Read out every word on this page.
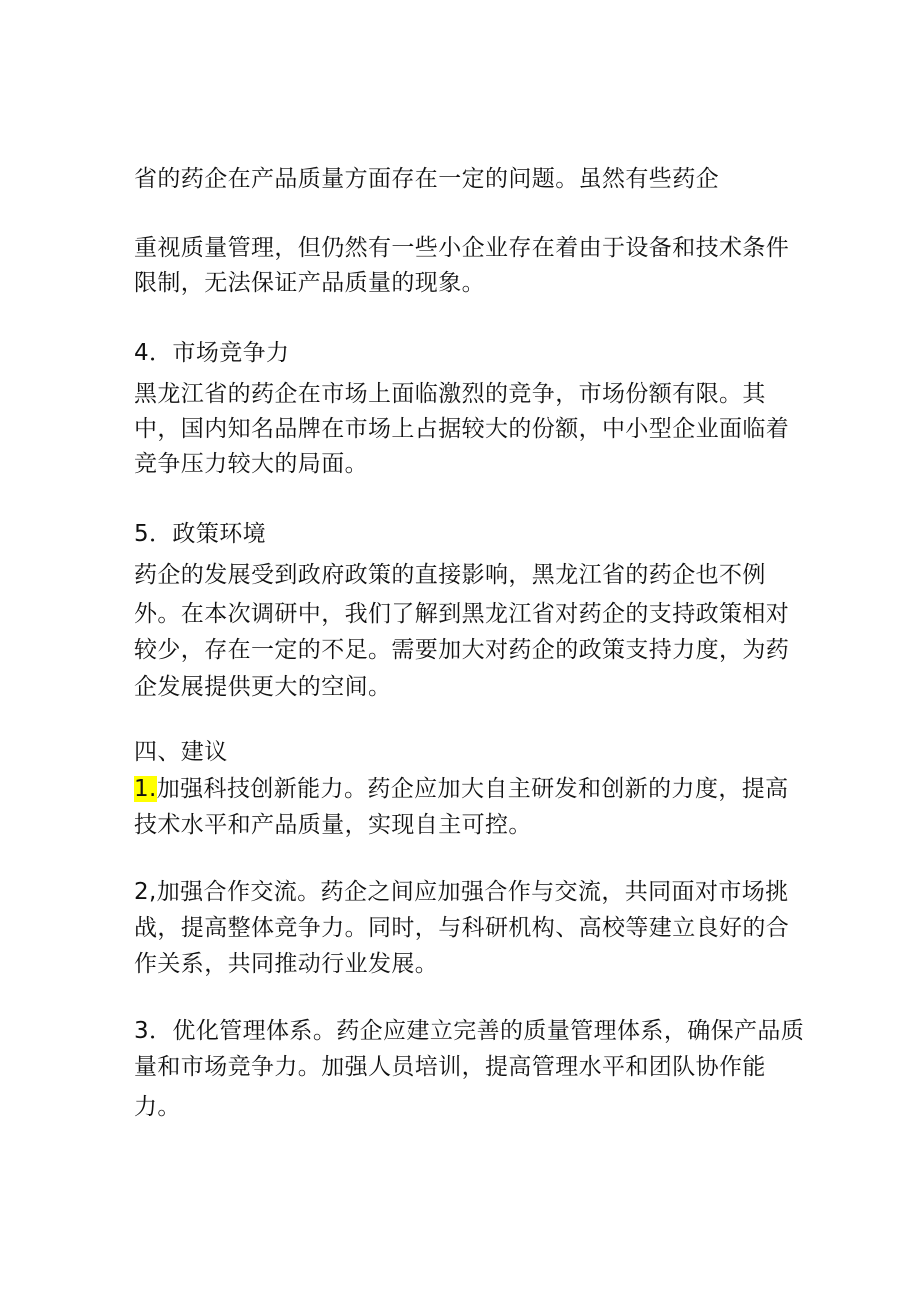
省的药企在产品质量方面存在一定的问题。虽然有些药企
重视质量管理，但仍然有一些小企业存在着由于设备和技术条件
限制，无法保证产品质量的现象。
4．市场竞争力
黑龙江省的药企在市场上面临激烈的竞争，市场份额有限。其
中，国内知名品牌在市场上占据较大的份额，中小型企业面临着
竞争压力较大的局面。
5．政策环境
药企的发展受到政府政策的直接影响，黑龙江省的药企也不例
外。在本次调研中，我们了解到黑龙江省对药企的支持政策相对
较少，存在一定的不足。需要加大对药企的政策支持力度，为药
企发展提供更大的空间。
四、建议
1.加强科技创新能力。药企应加大自主研发和创新的力度，提高
技术水平和产品质量，实现自主可控。
2,加强合作交流。药企之间应加强合作与交流，共同面对市场挑
战，提高整体竞争力。同时，与科研机构、高校等建立良好的合
作关系，共同推动行业发展。
3．优化管理体系。药企应建立完善的质量管理体系，确保产品质
量和市场竞争力。加强人员培训，提高管理水平和团队协作能
力。
